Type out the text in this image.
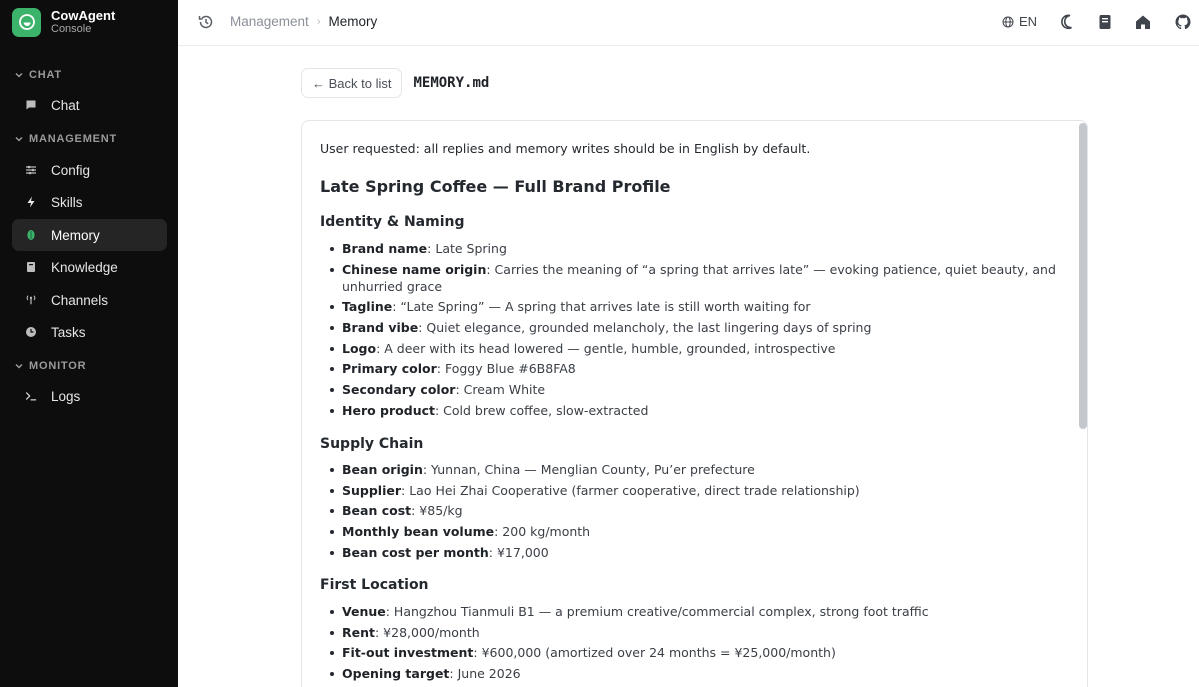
CowAgent
Console
CHAT
Chat
MANAGEMENT
Config
Skills
Memory
Knowledge
Channels
Tasks
MONITOR
Logs
Management › Memory	EN
← Back to list	MEMORY.md

User requested: all replies and memory writes should be in English by default.

Late Spring Coffee — Full Brand Profile
Identity & Naming
Brand name: Late Spring
Chinese name origin: Carries the meaning of “a spring that arrives late” — evoking patience, quiet beauty, and unhurried grace
Tagline: “Late Spring” — A spring that arrives late is still worth waiting for
Brand vibe: Quiet elegance, grounded melancholy, the last lingering days of spring
Logo: A deer with its head lowered — gentle, humble, grounded, introspective
Primary color: Foggy Blue #6B8FA8
Secondary color: Cream White
Hero product: Cold brew coffee, slow-extracted
Supply Chain
Bean origin: Yunnan, China — Menglian County, Pu’er prefecture
Supplier: Lao Hei Zhai Cooperative (farmer cooperative, direct trade relationship)
Bean cost: ¥85/kg
Monthly bean volume: 200 kg/month
Bean cost per month: ¥17,000
First Location
Venue: Hangzhou Tianmuli B1 — a premium creative/commercial complex, strong foot traffic
Rent: ¥28,000/month
Fit-out investment: ¥600,000 (amortized over 24 months = ¥25,000/month)
Opening target: June 2026
